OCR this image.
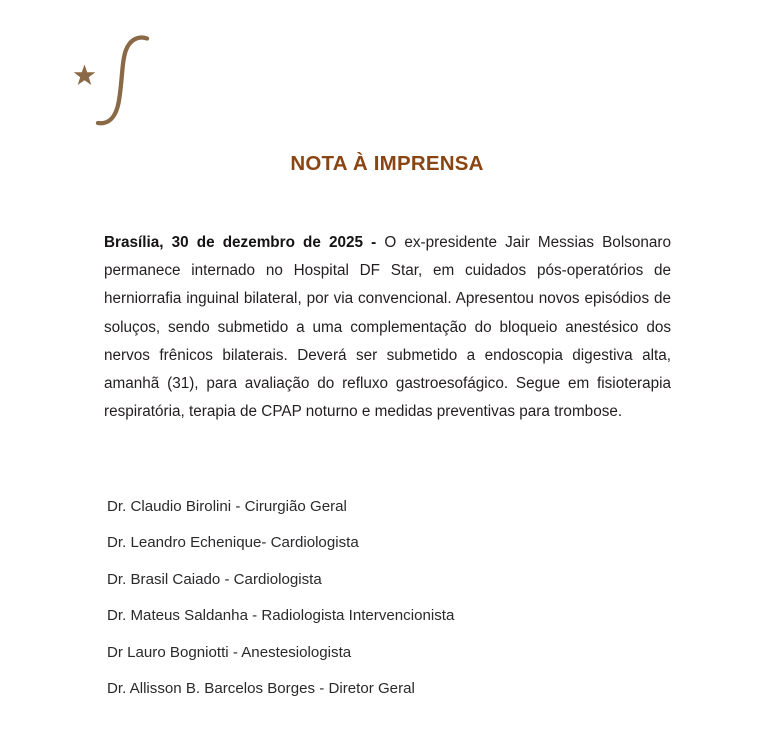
NOTA À IMPRENSA

Brasília, 30 de dezembro de 2025 - O ex-presidente Jair Messias Bolsonaro permanece internado no Hospital DF Star, em cuidados pós-operatórios de herniorrafia inguinal bilateral, por via convencional. Apresentou novos episódios de soluços, sendo submetido a uma complementação do bloqueio anestésico dos nervos frênicos bilaterais. Deverá ser submetido a endoscopia digestiva alta, amanhã (31), para avaliação do refluxo gastroesofágico. Segue em fisioterapia respiratória, terapia de CPAP noturno e medidas preventivas para trombose.

Dr. Claudio Birolini - Cirurgião Geral
Dr. Leandro Echenique- Cardiologista
Dr. Brasil Caiado - Cardiologista
Dr. Mateus Saldanha - Radiologista Intervencionista
Dr Lauro Bogniotti - Anestesiologista
Dr. Allisson B. Barcelos Borges - Diretor Geral
